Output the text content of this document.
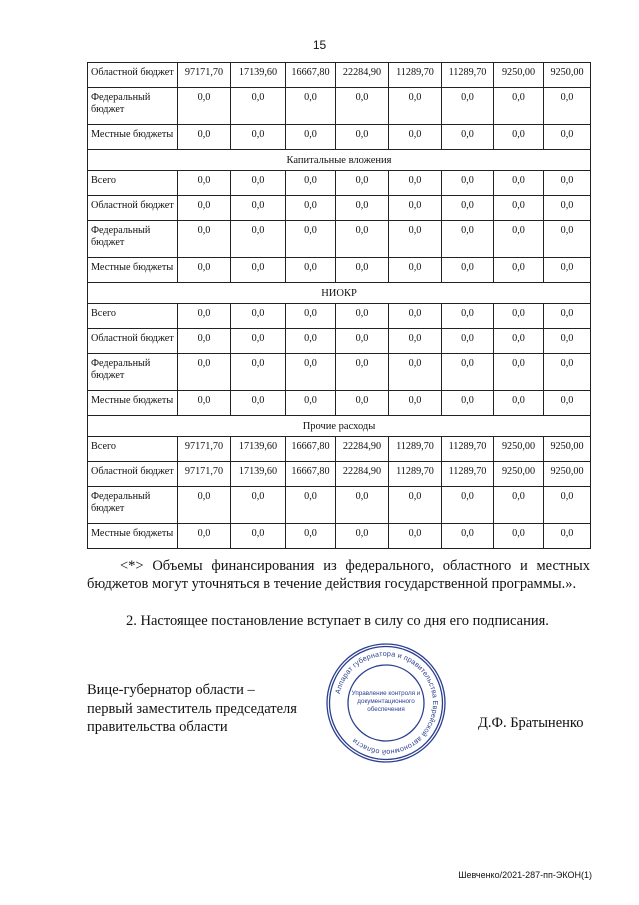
15
Областной бюджет	97171,70	17139,60	16667,80	22284,90	11289,70	11289,70	9250,00	9250,00
Федеральный бюджет	0,0	0,0	0,0	0,0	0,0	0,0	0,0	0,0
Местные бюджеты	0,0	0,0	0,0	0,0	0,0	0,0	0,0	0,0
Капитальные вложения								
Всего	0,0	0,0	0,0	0,0	0,0	0,0	0,0	0,0
Областной бюджет	0,0	0,0	0,0	0,0	0,0	0,0	0,0	0,0
Федеральный бюджет	0,0	0,0	0,0	0,0	0,0	0,0	0,0	0,0
Местные бюджеты	0,0	0,0	0,0	0,0	0,0	0,0	0,0	0,0
НИОКР								
Всего	0,0	0,0	0,0	0,0	0,0	0,0	0,0	0,0
Областной бюджет	0,0	0,0	0,0	0,0	0,0	0,0	0,0	0,0
Федеральный бюджет	0,0	0,0	0,0	0,0	0,0	0,0	0,0	0,0
Местные бюджеты	0,0	0,0	0,0	0,0	0,0	0,0	0,0	0,0
Прочие расходы								
Всего	97171,70	17139,60	16667,80	22284,90	11289,70	11289,70	9250,00	9250,00
Областной бюджет	97171,70	17139,60	16667,80	22284,90	11289,70	11289,70	9250,00	9250,00
Федеральный бюджет	0,0	0,0	0,0	0,0	0,0	0,0	0,0	0,0
Местные бюджеты	0,0	0,0	0,0	0,0	0,0	0,0	0,0	0,0
<*> Объемы финансирования из федерального, областного и местных бюджетов могут уточняться в течение действия государственной программы.».
2. Настоящее постановление вступает в силу со дня его подписания.
Вице-губернатор области –
первый заместитель председателя
правительства области
Аппарат губернатора и правительства Еврейской автономной области
Управление контроля и
документационного
обеспечения
Д.Ф. Братыненко
Шевченко/2021-287-пп-ЭКОН(1)
